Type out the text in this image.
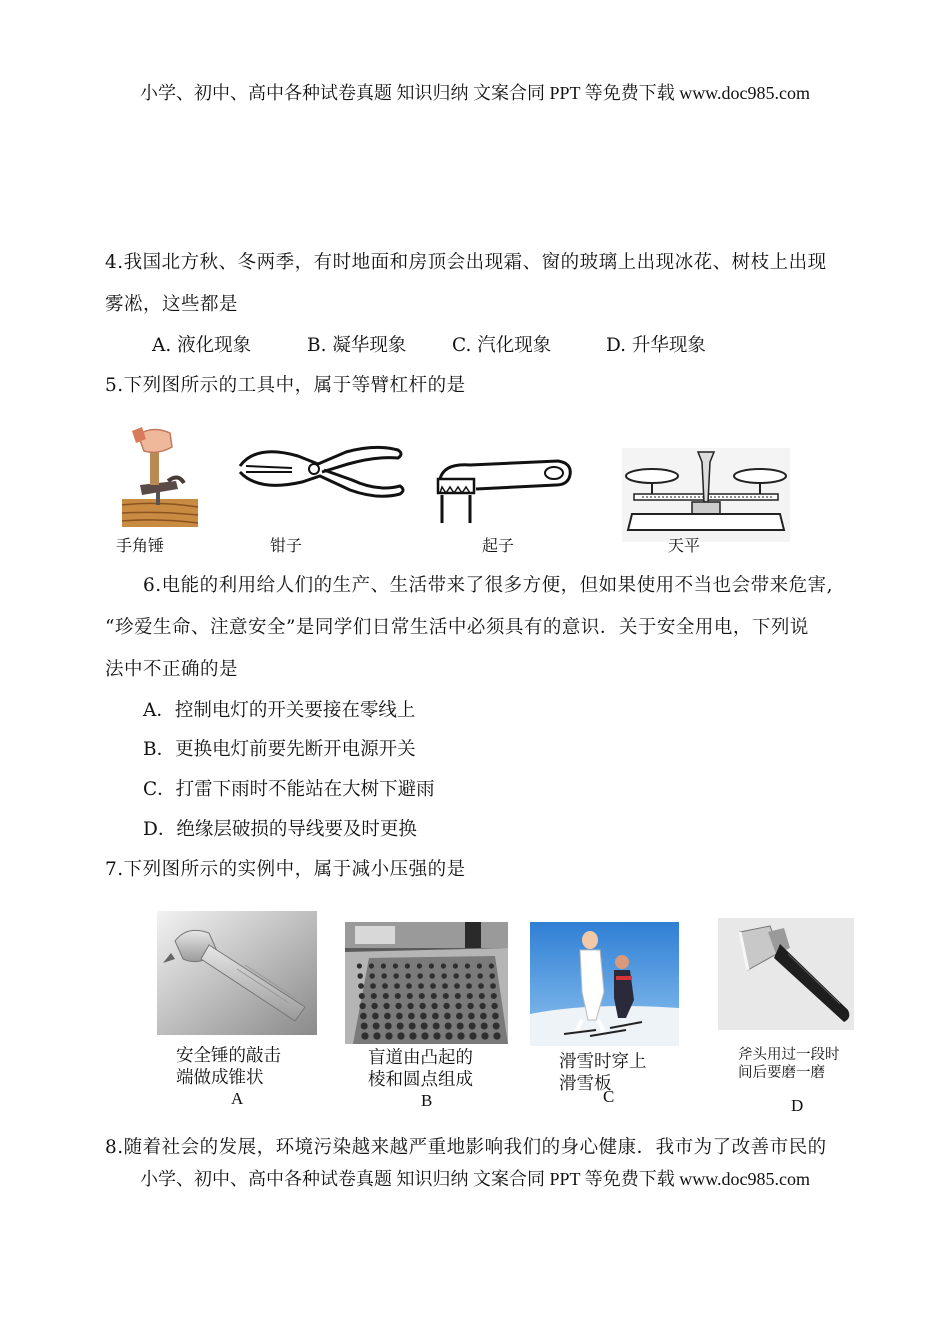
小学、初中、高中各种试卷真题 知识归纳 文案合同 PPT 等免费下载 www.doc985.com
4.我国北方秋、冬两季，有时地面和房顶会出现霜、窗的玻璃上出现冰花、树枝上出现
雾凇，这些都是
A. 液化现象	B. 凝华现象 C. 汽化现象	D. 升华现象
5.下列图所示的工具中，属于等臂杠杆的是
手角锤	钳子	起子	天平
6.电能的利用给人们的生产、生活带来了很多方便，但如果使用不当也会带来危害,
“珍爱生命、注意安全”是同学们日常生活中必须具有的意识．关于安全用电，下列说
法中不正确的是
A．控制电灯的开关要接在零线上
B．更换电灯前要先断开电源开关
C．打雷下雨时不能站在大树下避雨
D．绝缘层破损的导线要及时更换
7.下列图所示的实例中，属于减小压强的是
安全锤的敲击
端做成锥状
A
盲道由凸起的
棱和圆点组成
B
滑雪时穿上
滑雪板
C
斧头用过一段时
间后要磨一磨
D
8.随着社会的发展，环境污染越来越严重地影响我们的身心健康．我市为了改善市民的
小学、初中、高中各种试卷真题 知识归纳 文案合同 PPT 等免费下载 www.doc985.com
